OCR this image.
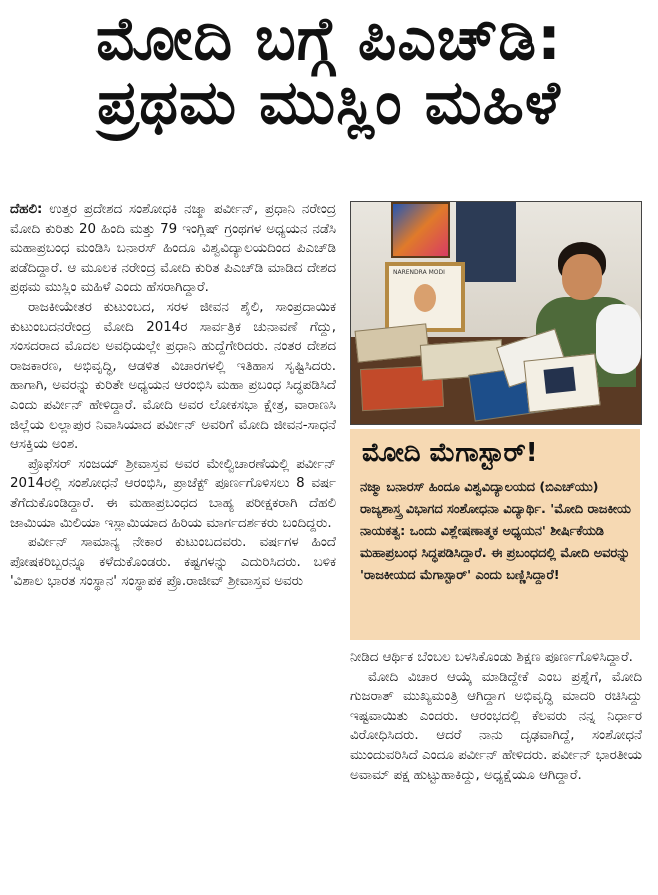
ಮೋದಿ ಬಗ್ಗೆ ಪಿಎಚ್‌ಡಿ:
ಪ್ರಥಮ ಮುಸ್ಲಿಂ ಮಹಿಳೆ

ದೆಹಲಿ: ಉತ್ತರ ಪ್ರದೇಶದ ಸಂಶೋಧಕಿ ನಜ್ಮಾ ಪರ್ವೀನ್, ಪ್ರಧಾನಿ ನರೇಂದ್ರ ಮೋದಿ ಕುರಿತು 20 ಹಿಂದಿ ಮತ್ತು 79 ಇಂಗ್ಲಿಷ್ ಗ್ರಂಥಗಳ ಅಧ್ಯಯನ ನಡೆಸಿ ಮಹಾಪ್ರಬಂಧ ಮಂಡಿಸಿ ಬನಾರಸ್ ಹಿಂದೂ ವಿಶ್ವವಿದ್ಯಾಲಯದಿಂದ ಪಿಎಚ್‌ಡಿ ಪಡೆದಿದ್ದಾರೆ. ಆ ಮೂಲಕ ನರೇಂದ್ರ ಮೋದಿ ಕುರಿತ ಪಿಎಚ್‌ಡಿ ಮಾಡಿದ ದೇಶದ ಪ್ರಥಮ ಮುಸ್ಲಿಂ ಮಹಿಳೆ ಎಂದು ಹೆಸರಾಗಿದ್ದಾರೆ.

ರಾಜಕೀಯೇತರ ಕುಟುಂಬದ, ಸರಳ ಜೀವನ ಶೈಲಿ, ಸಾಂಪ್ರದಾಯಿಕ ಕುಟುಂಬದನರೇಂದ್ರ ಮೋದಿ 2014ರ ಸಾರ್ವತ್ರಿಕ ಚುನಾವಣೆ ಗೆದ್ದು, ಸಂಸದರಾದ ಮೊದಲ ಅವಧಿಯಲ್ಲೇ ಪ್ರಧಾನಿ ಹುದ್ದೆಗೇರಿದರು. ನಂತರ ದೇಶದ ರಾಜಕಾರಣ, ಅಭಿವೃದ್ಧಿ, ಆಡಳಿತ ವಿಚಾರಗಳಲ್ಲಿ ಇತಿಹಾಸ ಸೃಷ್ಟಿಸಿದರು. ಹಾಗಾಗಿ, ಅವರನ್ನು ಕುರಿತೇ ಅಧ್ಯಯನ ಆರಂಭಿಸಿ ಮಹಾ ಪ್ರಬಂಧ ಸಿದ್ಧಪಡಿಸಿದೆ ಎಂದು ಪರ್ವೀನ್ ಹೇಳಿದ್ದಾರೆ. ಮೋದಿ ಅವರ ಲೋಕಸಭಾ ಕ್ಷೇತ್ರ, ವಾರಾಣಸಿ ಜಿಲ್ಲೆಯ ಲಲ್ಲಾಪುರ ನಿವಾಸಿಯಾದ ಪರ್ವೀನ್ ಅವರಿಗೆ ಮೋದಿ ಜೀವನ-ಸಾಧನೆ ಆಸಕ್ತಿಯ ಅಂಶ.

ಪ್ರೊಫೆಸರ್ ಸಂಜಯ್ ಶ್ರೀವಾಸ್ತವ ಅವರ ಮೇಲ್ವಿಚಾರಣೆಯಲ್ಲಿ ಪರ್ವೀನ್ 2014ರಲ್ಲಿ ಸಂಶೋಧನೆ ಆರಂಭಿಸಿ, ಪ್ರಾಜೆಕ್ಟ್ ಪೂರ್ಣಗೊಳಿಸಲು 8 ವರ್ಷ ತೆಗೆದುಕೊಂಡಿದ್ದಾರೆ. ಈ ಮಹಾಪ್ರಬಂಧದ ಬಾಹ್ಯ ಪರೀಕ್ಷಕರಾಗಿ ದೆಹಲಿ ಜಾಮಿಯಾ ಮಿಲಿಯಾ ಇಸ್ಲಾಮಿಯಾದ ಹಿರಿಯ ಮಾರ್ಗದರ್ಶಕರು ಬಂದಿದ್ದರು.

ಪರ್ವೀನ್ ಸಾಮಾನ್ಯ ನೇಕಾರ ಕುಟುಂಬದವರು. ವರ್ಷಗಳ ಹಿಂದೆ ಪೋಷಕರಿಬ್ಬರನ್ನೂ ಕಳೆದುಕೊಂಡರು. ಕಷ್ಟಗಳನ್ನು ಎದುರಿಸಿದರು. ಬಳಿಕ 'ವಿಶಾಲ ಭಾರತ ಸಂಸ್ಥಾನ' ಸಂಸ್ಥಾಪಕ ಪ್ರೊ.ರಾಜೀವ್ ಶ್ರೀವಾಸ್ತವ ಅವರು

NARENDRA MODI
ಮೋದಿ ಮೆಗಾಸ್ಟಾರ್!
ನಜ್ಮಾ ಬನಾರಸ್ ಹಿಂದೂ ವಿಶ್ವವಿದ್ಯಾಲಯದ (ಬಿಎಚ್‌ಯು) ರಾಜ್ಯಶಾಸ್ತ್ರ ವಿಭಾಗದ ಸಂಶೋಧನಾ ವಿದ್ಯಾರ್ಥಿ. 'ಮೋದಿ ರಾಜಕೀಯ ನಾಯಕತ್ವ: ಒಂದು ವಿಶ್ಲೇಷಣಾತ್ಮಕ ಅಧ್ಯಯನ' ಶೀರ್ಷಿಕೆಯಡಿ ಮಹಾಪ್ರಬಂಧ ಸಿದ್ಧಪಡಿಸಿದ್ದಾರೆ. ಈ ಪ್ರಬಂಧದಲ್ಲಿ ಮೋದಿ ಅವರನ್ನು 'ರಾಜಕೀಯದ ಮೆಗಾಸ್ಟಾರ್' ಎಂದು ಬಣ್ಣಿಸಿದ್ದಾರೆ!

ನೀಡಿದ ಆರ್ಥಿಕ ಬೆಂಬಲ ಬಳಸಿಕೊಂಡು ಶಿಕ್ಷಣ ಪೂರ್ಣಗೊಳಿಸಿದ್ದಾರೆ.

ಮೋದಿ ವಿಚಾರ ಆಯ್ಕೆ ಮಾಡಿದ್ದೇಕೆ ಎಂಬ ಪ್ರಶ್ನೆಗೆ, ಮೋದಿ ಗುಜರಾತ್ ಮುಖ್ಯಮಂತ್ರಿ ಆಗಿದ್ದಾಗ ಅಭಿವೃದ್ಧಿ ಮಾದರಿ ರಚಿಸಿದ್ದು ಇಷ್ಟವಾಯಿತು ಎಂದರು. ಆರಂಭದಲ್ಲಿ ಕೆಲವರು ನನ್ನ ನಿರ್ಧಾರ ವಿರೋಧಿಸಿದರು. ಆದರೆ ನಾನು ದೃಢವಾಗಿದ್ದೆ, ಸಂಶೋಧನೆ ಮುಂದುವರಿಸಿದೆ ಎಂದೂ ಪರ್ವೀನ್ ಹೇಳಿದರು. ಪರ್ವೀನ್ ಭಾರತೀಯ ಅವಾಮ್ ಪಕ್ಷ ಹುಟ್ಟುಹಾಕಿದ್ದು, ಅಧ್ಯಕ್ಷೆಯೂ ಆಗಿದ್ದಾರೆ.
